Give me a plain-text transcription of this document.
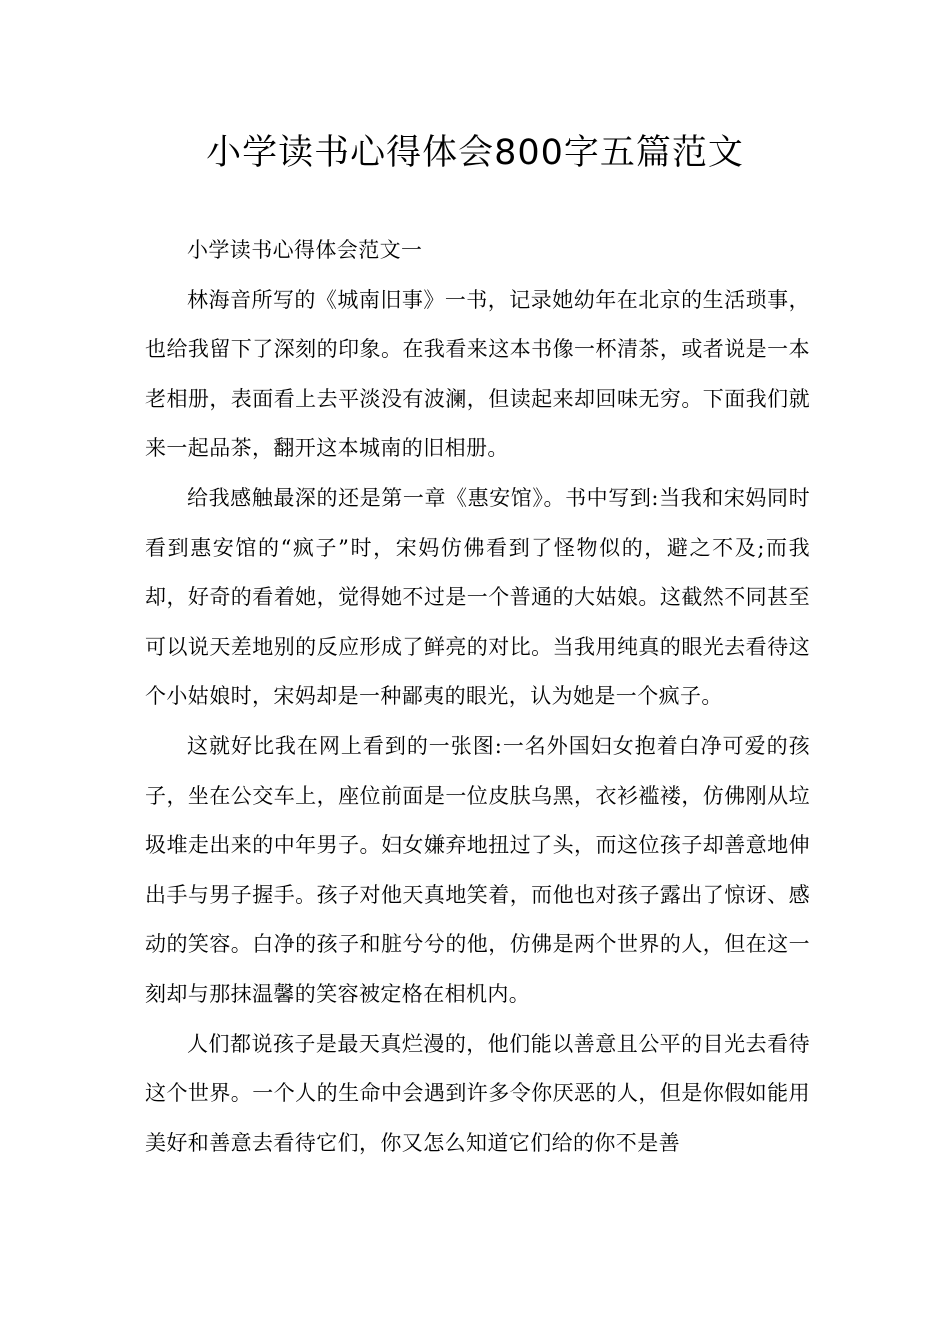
小学读书心得体会800字五篇范文

小学读书心得体会范文一

林海音所写的《城南旧事》一书，记录她幼年在北京的生活琐事，也给我留下了深刻的印象。在我看来这本书像一杯清茶，或者说是一本老相册，表面看上去平淡没有波澜，但读起来却回味无穷。下面我们就来一起品茶，翻开这本城南的旧相册。

给我感触最深的还是第一章《惠安馆》。书中写到:当我和宋妈同时看到惠安馆的“疯子”时，宋妈仿佛看到了怪物似的，避之不及;而我却，好奇的看着她，觉得她不过是一个普通的大姑娘。这截然不同甚至可以说天差地别的反应形成了鲜亮的对比。当我用纯真的眼光去看待这个小姑娘时，宋妈却是一种鄙夷的眼光，认为她是一个疯子。

这就好比我在网上看到的一张图:一名外国妇女抱着白净可爱的孩子，坐在公交车上，座位前面是一位皮肤乌黑，衣衫褴褛，仿佛刚从垃圾堆走出来的中年男子。妇女嫌弃地扭过了头，而这位孩子却善意地伸出手与男子握手。孩子对他天真地笑着，而他也对孩子露出了惊讶、感动的笑容。白净的孩子和脏兮兮的他，仿佛是两个世界的人，但在这一刻却与那抹温馨的笑容被定格在相机内。

人们都说孩子是最天真烂漫的，他们能以善意且公平的目光去看待这个世界。一个人的生命中会遇到许多令你厌恶的人，但是你假如能用美好和善意去看待它们，你又怎么知道它们给的你不是善
